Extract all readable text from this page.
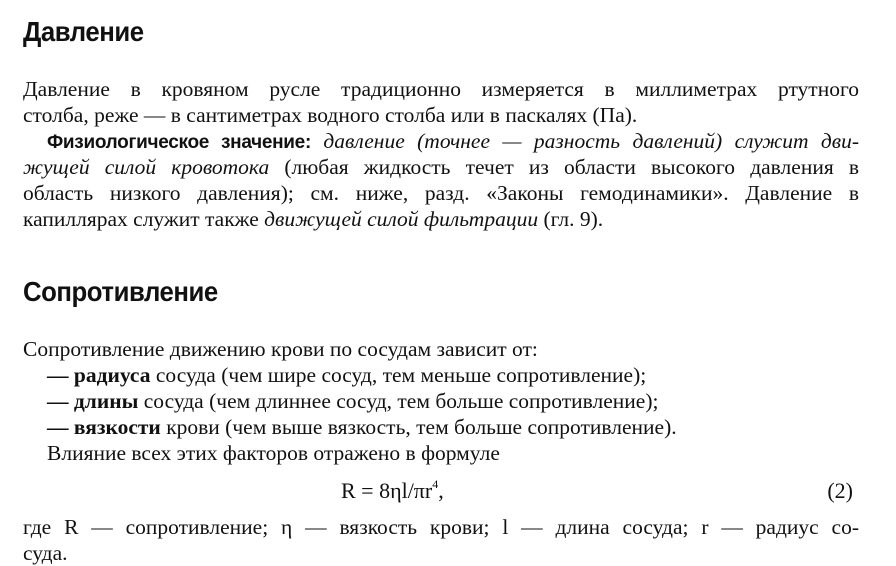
Давление
Давление в кровяном русле традиционно измеряется в миллиметрах ртутного
столба, реже — в сантиметрах водного столба или в паскалях (Па).
Физиологическое значение: давление (точнее — разность давлений) служит дви-
жущей силой кровотока (любая жидкость течет из области высокого давления в
область низкого давления); см. ниже, разд. «Законы гемодинамики». Давление в
капиллярах служит также движущей силой фильтрации (гл. 9).
Сопротивление
Сопротивление движению крови по сосудам зависит от:
— радиуса сосуда (чем шире сосуд, тем меньше сопротивление);
— длины сосуда (чем длиннее сосуд, тем больше сопротивление);
— вязкости крови (чем выше вязкость, тем больше сопротивление).
Влияние всех этих факторов отражено в формуле
$R = 8\eta l/\pi r^4$,	(2)
где R — сопротивление; η — вязкость крови; l — длина сосуда; r — радиус со-
суда.
